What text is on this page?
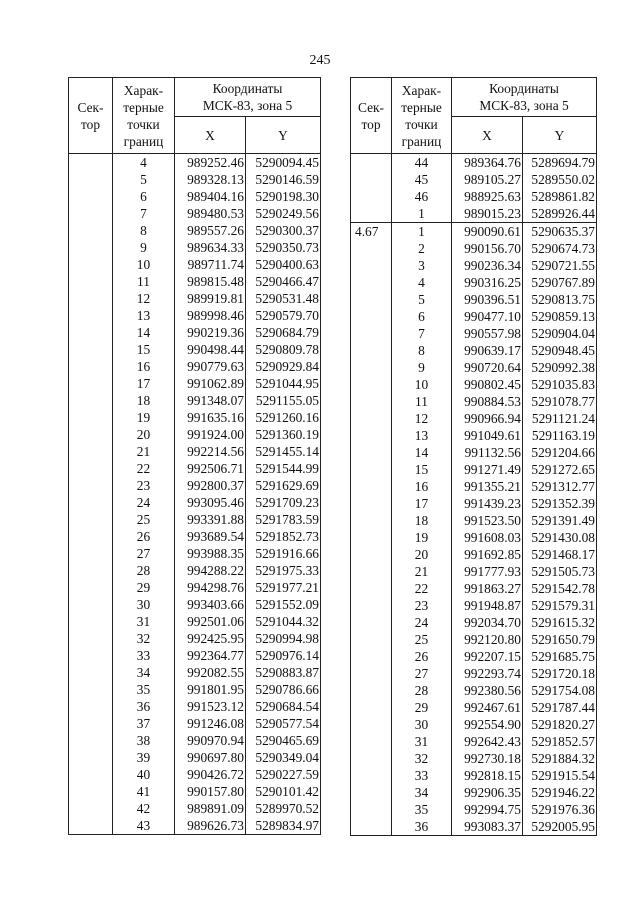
245
Сек-
тор	Харак-
терные
точки
границ	Координаты
МСК-83, зона 5	
		X	Y
	4	989252.46	5290094.45
	5	989328.13	5290146.59
	6	989404.16	5290198.30
	7	989480.53	5290249.56
	8	989557.26	5290300.37
	9	989634.33	5290350.73
	10	989711.74	5290400.63
	11	989815.48	5290466.47
	12	989919.81	5290531.48
	13	989998.46	5290579.70
	14	990219.36	5290684.79
	15	990498.44	5290809.78
	16	990779.63	5290929.84
	17	991062.89	5291044.95
	18	991348.07	5291155.05
	19	991635.16	5291260.16
	20	991924.00	5291360.19
	21	992214.56	5291455.14
	22	992506.71	5291544.99
	23	992800.37	5291629.69
	24	993095.46	5291709.23
	25	993391.88	5291783.59
	26	993689.54	5291852.73
	27	993988.35	5291916.66
	28	994288.22	5291975.33
	29	994298.76	5291977.21
	30	993403.66	5291552.09
	31	992501.06	5291044.32
	32	992425.95	5290994.98
	33	992364.77	5290976.14
	34	992082.55	5290883.87
	35	991801.95	5290786.66
	36	991523.12	5290684.54
	37	991246.08	5290577.54
	38	990970.94	5290465.69
	39	990697.80	5290349.04
	40	990426.72	5290227.59
	41	990157.80	5290101.42
	42	989891.09	5289970.52
	43	989626.73	5289834.97
Сек-
тор	Харак-
терные
точки
границ	Координаты
МСК-83, зона 5	
		X	Y
	44	989364.76	5289694.79
	45	989105.27	5289550.02
	46	988925.63	5289861.82
	1	989015.23	5289926.44
4.67	1	990090.61	5290635.37
	2	990156.70	5290674.73
	3	990236.34	5290721.55
	4	990316.25	5290767.89
	5	990396.51	5290813.75
	6	990477.10	5290859.13
	7	990557.98	5290904.04
	8	990639.17	5290948.45
	9	990720.64	5290992.38
	10	990802.45	5291035.83
	11	990884.53	5291078.77
	12	990966.94	5291121.24
	13	991049.61	5291163.19
	14	991132.56	5291204.66
	15	991271.49	5291272.65
	16	991355.21	5291312.77
	17	991439.23	5291352.39
	18	991523.50	5291391.49
	19	991608.03	5291430.08
	20	991692.85	5291468.17
	21	991777.93	5291505.73
	22	991863.27	5291542.78
	23	991948.87	5291579.31
	24	992034.70	5291615.32
	25	992120.80	5291650.79
	26	992207.15	5291685.75
	27	992293.74	5291720.18
	28	992380.56	5291754.08
	29	992467.61	5291787.44
	30	992554.90	5291820.27
	31	992642.43	5291852.57
	32	992730.18	5291884.32
	33	992818.15	5291915.54
	34	992906.35	5291946.22
	35	992994.75	5291976.36
	36	993083.37	5292005.95
